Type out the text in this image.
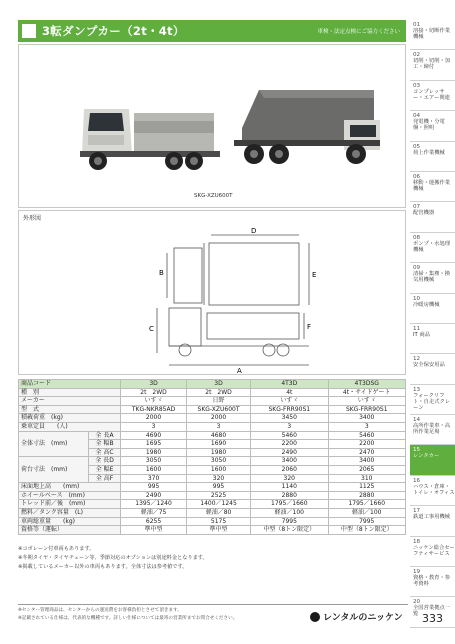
3転ダンプカー（2t・4t）	車検・法定点検にご協力ください
SKG-XZU600T
外形図
D
B	E
C	F
A
商品コード		3D	3D	4T3D	4T3DSG
種　別		2t　2WD	2t　2WD	4t	4t・サイドゲート
メーカー		いすゞ	日野	いすゞ	いすゞ
型　式		TKG-NKR85AD	SKG-XZU600T	SKG-FRR90S1	SKG-FRR90S1
積載荷重　(kg)		2000	2000	3450	3400
乗車定員　　(人)		3	3	3	3
全体寸法　(mm)	全 長A	4690	4680	5460	5460
	全 幅B	1695	1690	2200	2200
	全 高C	1980	1980	2490	2470
荷台寸法　(mm)	全 長D	3050	3050	3400	3400
	全 幅E	1600	1600	2060	2065
	全 高F	370	320	320	310
床面地上高　　(mm)		995	995	1140	1125
ホイールベース　(mm)		2490	2525	2880	2880
トレッド前／後　(mm)		1395／1240	1400／1245	1795／1660	1795／1660
燃料／タンク容量　(L)		軽油／75	軽油／80	軽油／100	軽油／100
車両総重量　　(kg)		6255	5175	7995	7995
資格等（運転）		準中型	準中型	中型（8トン限定）	中型（8トン限定）
※コボレーン付車両もあります。
※冬期タイヤ・タイヤチェーン等、季節対応のオプションは別途料金となります。
※掲載しているメーカー以外の車両もあります。全体寸法は参考値です。
※センター管理商品は、センターからの運送費をお客様負担とさせて頂きます。
※記載されている仕様は、代表的な機種です。詳しい仕様については最寄の営業所までお問合せください。	レンタルのニッケン 333
01
溶接・切断作業機械
02
切削・切削・加工・締付
03
コンプレッサー・エアー関連
04
発電機・分電盤・照明
05
荷上作業機械
06
移動・運搬作業機械
07
配管機器
08
ポンプ・水処理機械
09
清掃・集塵・換気用機械
10
冷暖房機械
11
IT 商品
12
安全保安用品
13
フォークリフト・自走式クレーン
14
高所作業車・高所作業足場
15
レンタカー
16
ハウス・倉庫・トイレ・オフィス
17
鉄道工事用機械
18
ニッケン総合セーフティサービス
19
資格・教育・参考資料
20
全国営業拠点一覧
